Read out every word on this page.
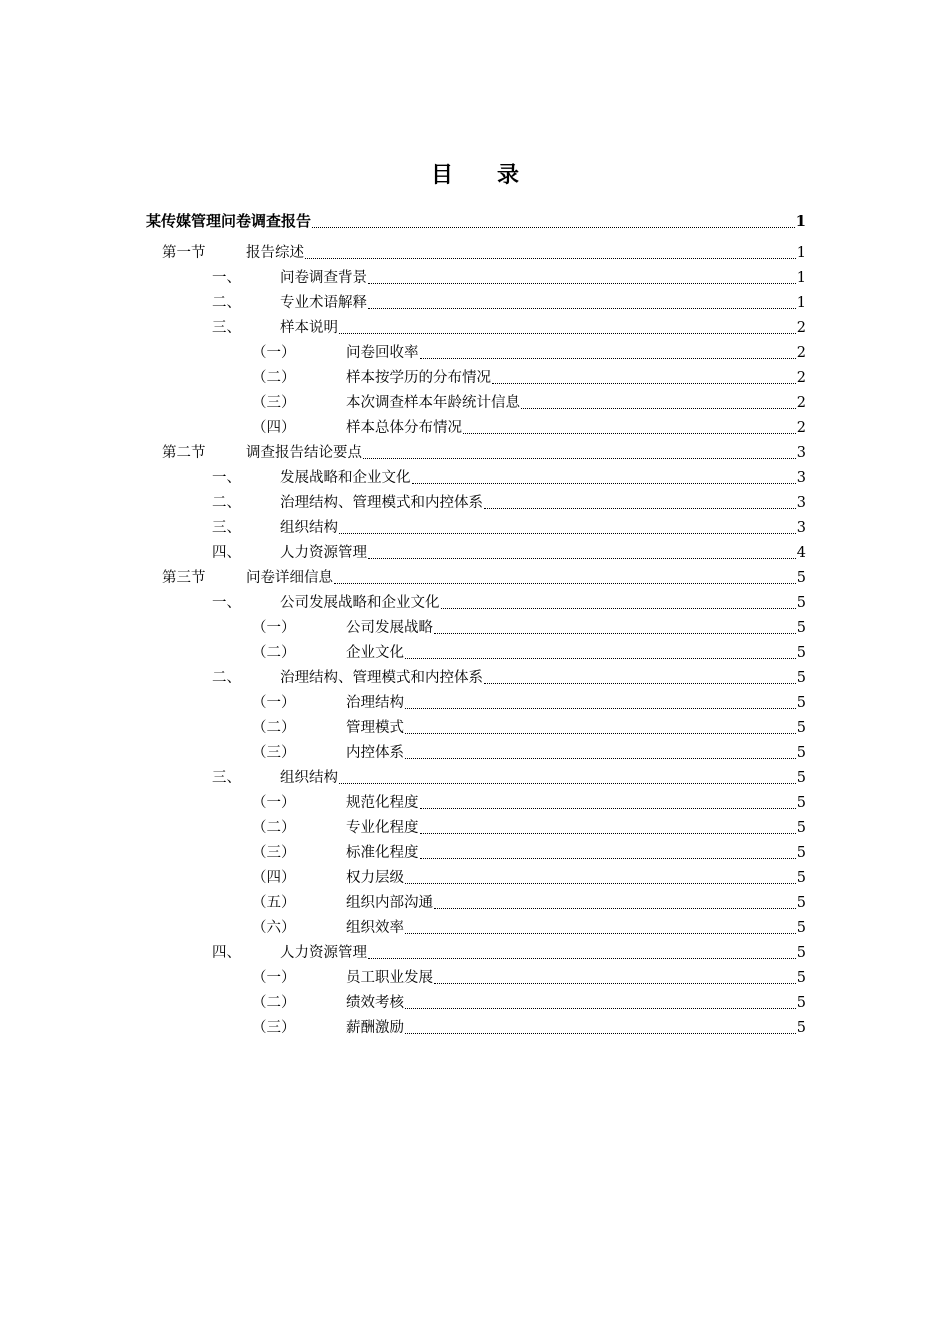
目 录
某传媒管理问卷调查报告	1
第一节	报告综述	1
一、	问卷调查背景	1
二、	专业术语解释	1
三、	样本说明	2
（一）	问卷回收率	2
（二）	样本按学历的分布情况	2
（三）	本次调查样本年龄统计信息	2
（四）	样本总体分布情况	2
第二节	调查报告结论要点	3
一、	发展战略和企业文化	3
二、	治理结构、管理模式和内控体系	3
三、	组织结构	3
四、	人力资源管理	4
第三节	问卷详细信息	5
一、	公司发展战略和企业文化	5
（一）	公司发展战略	5
（二）	企业文化	5
二、	治理结构、管理模式和内控体系	5
（一）	治理结构	5
（二）	管理模式	5
（三）	内控体系	5
三、	组织结构	5
（一）	规范化程度	5
（二）	专业化程度	5
（三）	标准化程度	5
（四）	权力层级	5
（五）	组织内部沟通	5
（六）	组织效率	5
四、	人力资源管理	5
（一）	员工职业发展	5
（二）	绩效考核	5
（三）	薪酬激励	5
